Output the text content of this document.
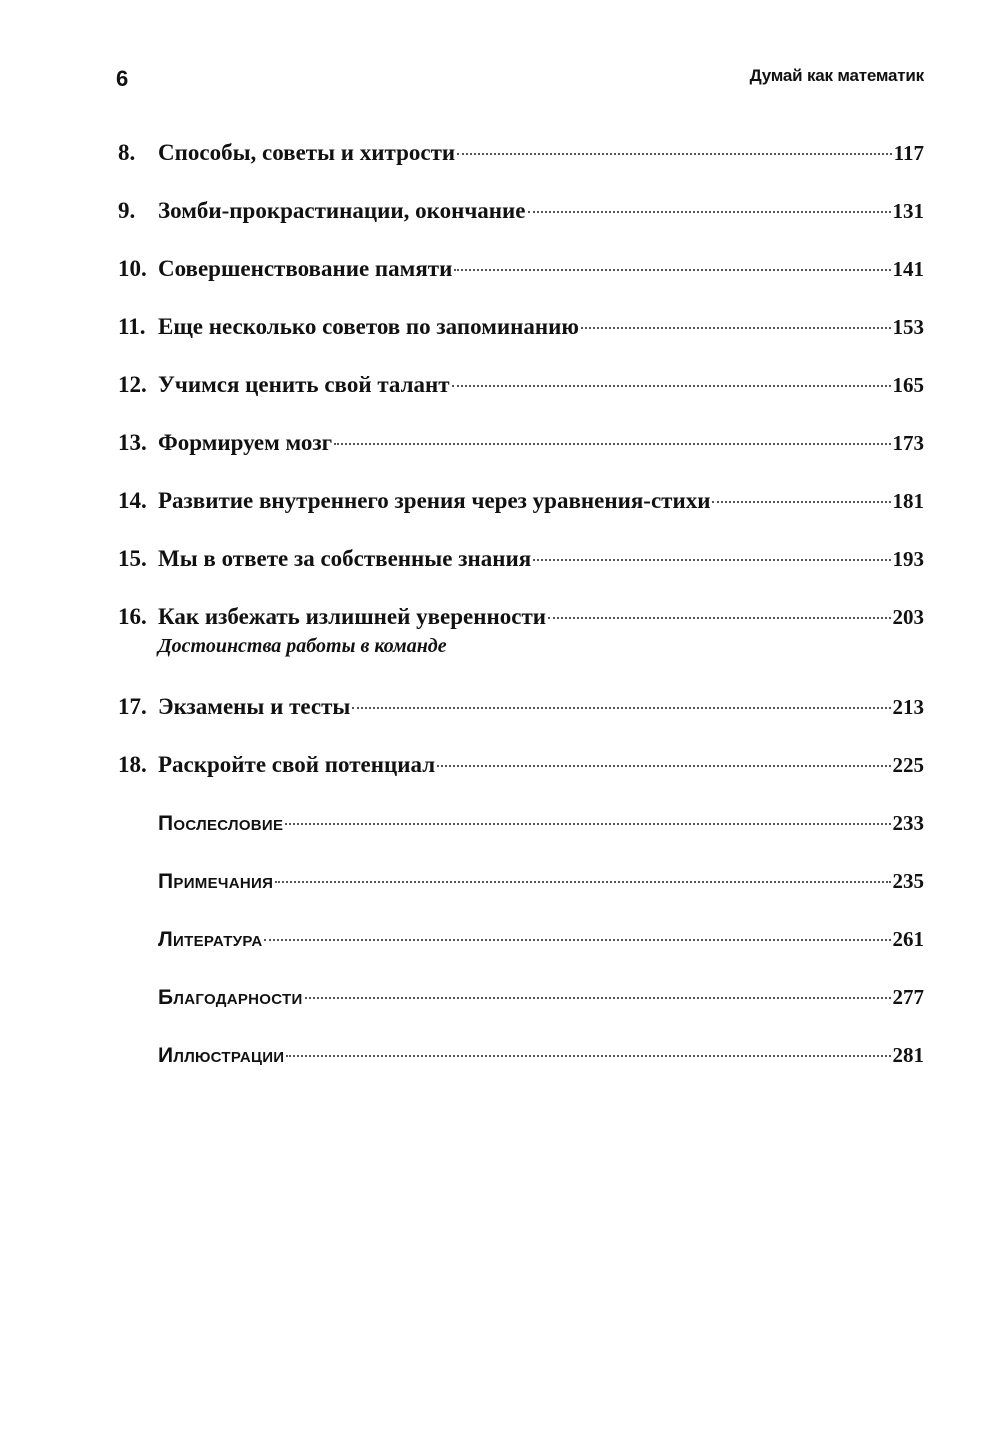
6	Думай как математик
8. Способы, советы и хитрости	117
9. Зомби-прокрастинации, окончание	131
10. Совершенствование памяти	141
11. Еще несколько советов по запоминанию	153
12. Учимся ценить свой талант	165
13. Формируем мозг	173
14. Развитие внутреннего зрения через уравнения-стихи	181
15. Мы в ответе за собственные знания	193
16. Как избежать излишней уверенности	203
Достоинства работы в команде
17. Экзамены и тесты	213
18. Раскройте свой потенциал	225
Послесловие	233
Примечания	235
Литература	261
Благодарности	277
Иллюстрации	281
